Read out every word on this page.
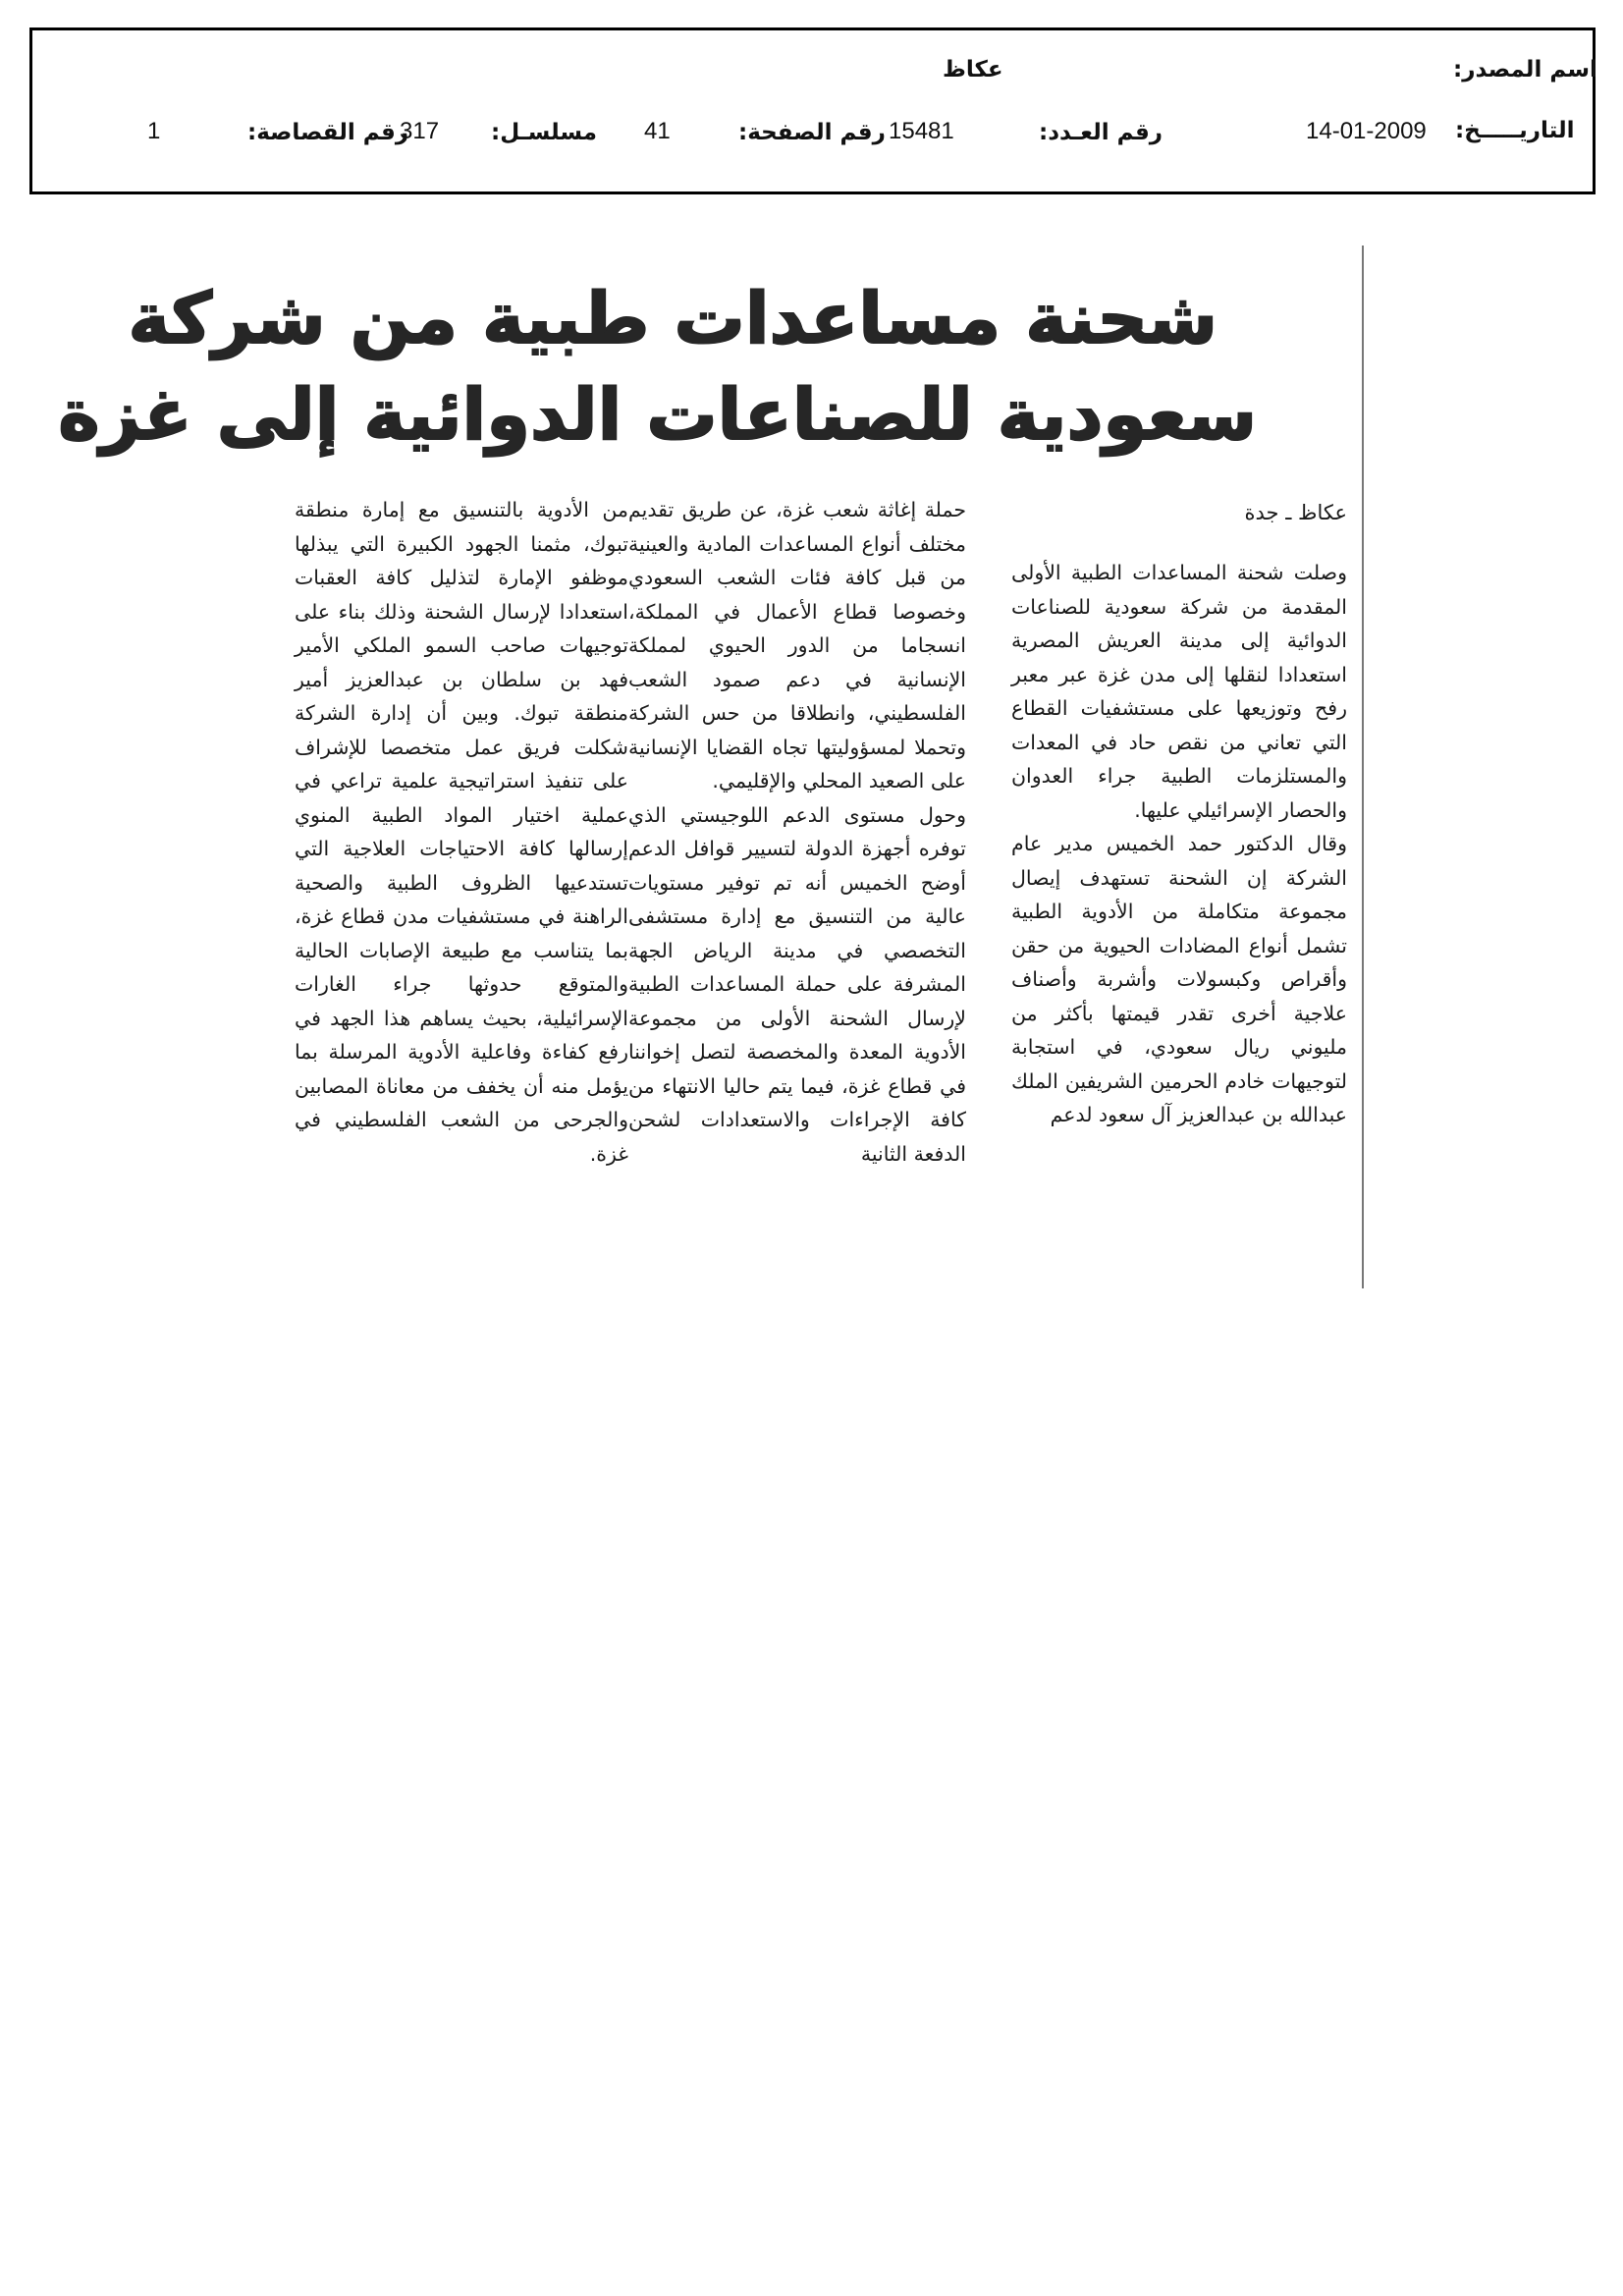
اسم المصدر:
عكاظ
التاريـــــخ:
14-01-2009
رقم العـدد:
15481
رقم الصفحة:
41
مسلسـل:
317
رقم القصاصة:
1
شحنة مساعدات طبية من شركة
سعودية للصناعات الدوائية إلى غزة
عكاظ ـ جدة

وصلت شحنة المساعدات الطبية الأولى المقدمة من شركة سعودية للصناعات الدوائية إلى مدينة العريش المصرية استعدادا لنقلها إلى مدن غزة عبر معبر رفح وتوزيعها على مستشفيات القطاع التي تعاني من نقص حاد في المعدات والمستلزمات الطبية جراء العدوان والحصار الإسرائيلي عليها.

وقال الدكتور حمد الخميس مدير عام الشركة إن الشحنة تستهدف إيصال مجموعة متكاملة من الأدوية الطبية تشمل أنواع المضادات الحيوية من حقن وأقراص وكبسولات وأشربة وأصناف علاجية أخرى تقدر قيمتها بأكثر من مليوني ريال سعودي، في استجابة لتوجيهات خادم الحرمين الشريفين الملك عبدالله بن عبدالعزيز آل سعود لدعم

حملة إغاثة شعب غزة، عن طريق تقديم مختلف أنواع المساعدات المادية والعينية من قبل كافة فئات الشعب السعودي وخصوصا قطاع الأعمال في المملكة، انسجاما من الدور الحيوي لمملكة الإنسانية في دعم صمود الشعب الفلسطيني، وانطلاقا من حس الشركة وتحملا لمسؤوليتها تجاه القضايا الإنسانية على الصعيد المحلي والإقليمي.

وحول مستوى الدعم اللوجيستي الذي توفره أجهزة الدولة لتسيير قوافل الدعم أوضح الخميس أنه تم توفير مستويات عالية من التنسيق مع إدارة مستشفى التخصصي في مدينة الرياض الجهة المشرفة على حملة المساعدات الطبية لإرسال الشحنة الأولى من مجموعة الأدوية المعدة والمخصصة لتصل إخواننا في قطاع غزة، فيما يتم حاليا الانتهاء من كافة الإجراءات والاستعدادات لشحن الدفعة الثانية

من الأدوية بالتنسيق مع إمارة منطقة تبوك، مثمنا الجهود الكبيرة التي يبذلها موظفو الإمارة لتذليل كافة العقبات استعدادا لإرسال الشحنة وذلك بناء على توجيهات صاحب السمو الملكي الأمير فهد بن سلطان بن عبدالعزيز أمير منطقة تبوك. وبين أن إدارة الشركة شكلت فريق عمل متخصصا للإشراف على تنفيذ استراتيجية علمية تراعي في عملية اختيار المواد الطبية المنوي إرسالها كافة الاحتياجات العلاجية التي تستدعيها الظروف الطبية والصحية الراهنة في مستشفيات مدن قطاع غزة، بما يتناسب مع طبيعة الإصابات الحالية والمتوقع حدوثها جراء الغارات الإسرائيلية، بحيث يساهم هذا الجهد في رفع كفاءة وفاعلية الأدوية المرسلة بما يؤمل منه أن يخفف من معاناة المصابين والجرحى من الشعب الفلسطيني في غزة.
